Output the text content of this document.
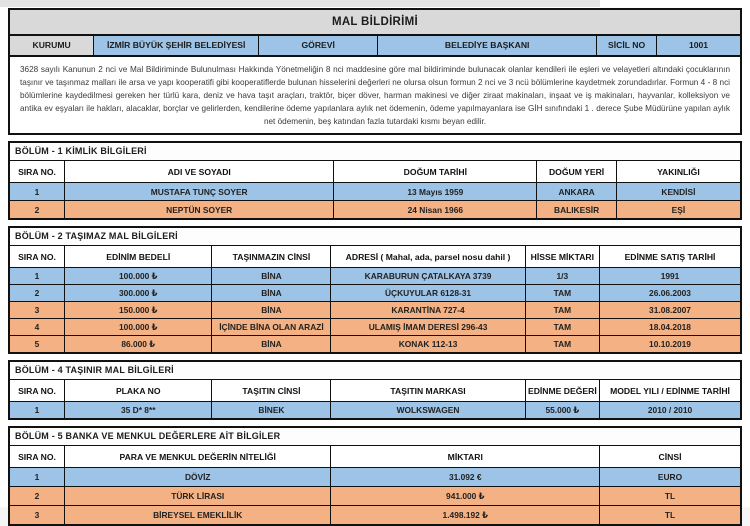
MAL BİLDİRİMİ
KURUMU	İZMİR BÜYÜK ŞEHİR BELEDİYESİ	GÖREVİ	BELEDİYE BAŞKANI	SİCİL NO	1001
3628 sayılı Kanunun 2 nci ve Mal Bildiriminde Bulunulması Hakkında Yönetmeliğin 8 nci maddesine göre mal bildiriminde bulunacak olanlar kendileri ile eşleri ve velayetleri altındaki çocuklarının taşınır ve taşınmaz malları ile arsa ve yapı kooperatifi gibi kooperatiflerde bulunan hisselerini değerleri ne olursa olsun formun 2 nci ve 3 ncü bölümlerine kaydetmek zorundadırlar. Formun 4 - 8 nci bölümlerine kaydedilmesi gereken her türlü kara, deniz ve hava taşıt araçları, traktör, biçer döver, harman makinesi ve diğer ziraat makinaları, inşaat ve iş makinaları, hayvanlar, kolleksiyon ve antika ev eşyaları ile hakları, alacaklar, borçlar ve gelirlerden, kendilerine ödeme yapılanlara aylık net ödemenin, ödeme yapılmayanlara ise GİH sınıfındaki 1 . derece Şube Müdürüne yapılan aylık net ödemenin, beş katından fazla tutardaki kısmı beyan edilir.
BÖLÜM - 1 KİMLİK BİLGİLERİ
SIRA NO.	ADI VE SOYADI	DOĞUM TARİHİ	DOĞUM YERİ	YAKINLIĞI
1	MUSTAFA TUNÇ SOYER	13 Mayıs 1959	ANKARA	KENDİSİ
2	NEPTÜN SOYER	24 Nisan 1966	BALIKESİR	EŞİ
BÖLÜM - 2 TAŞIMAZ MAL BİLGİLERİ
SIRA NO.	EDİNİM BEDELİ	TAŞINMAZIN CİNSİ	ADRESİ ( Mahal, ada, parsel nosu dahil )	HİSSE MİKTARI	EDİNME SATIŞ TARİHİ
1	100.000 ₺	BİNA	KARABURUN ÇATALKAYA 3739	1/3	1991
2	300.000 ₺	BİNA	ÜÇKUYULAR 6128-31	TAM	26.06.2003
3	150.000 ₺	BİNA	KARANTİNA 727-4	TAM	31.08.2007
4	100.000 ₺	İÇİNDE BİNA OLAN ARAZİ	ULAMIŞ İMAM DERESİ 296-43	TAM	18.04.2018
5	86.000 ₺	BİNA	KONAK 112-13	TAM	10.10.2019
BÖLÜM - 4 TAŞINIR MAL BİLGİLERİ
SIRA NO.	PLAKA NO	TAŞITIN CİNSİ	TAŞITIN MARKASI	EDİNME DEĞERİ	MODEL YILI / EDİNME TARİHİ
1	35 D* 8**	BİNEK	WOLKSWAGEN	55.000 ₺	2010 / 2010
BÖLÜM - 5 BANKA VE MENKUL DEĞERLERE AİT BİLGİLER
SIRA NO.	PARA VE MENKUL DEĞERİN NİTELİĞİ	MİKTARI	CİNSİ
1	DÖVİZ	31.092 €	EURO
2	TÜRK LİRASI	941.000 ₺	TL
3	BİREYSEL EMEKLİLİK	1.498.192 ₺	TL
